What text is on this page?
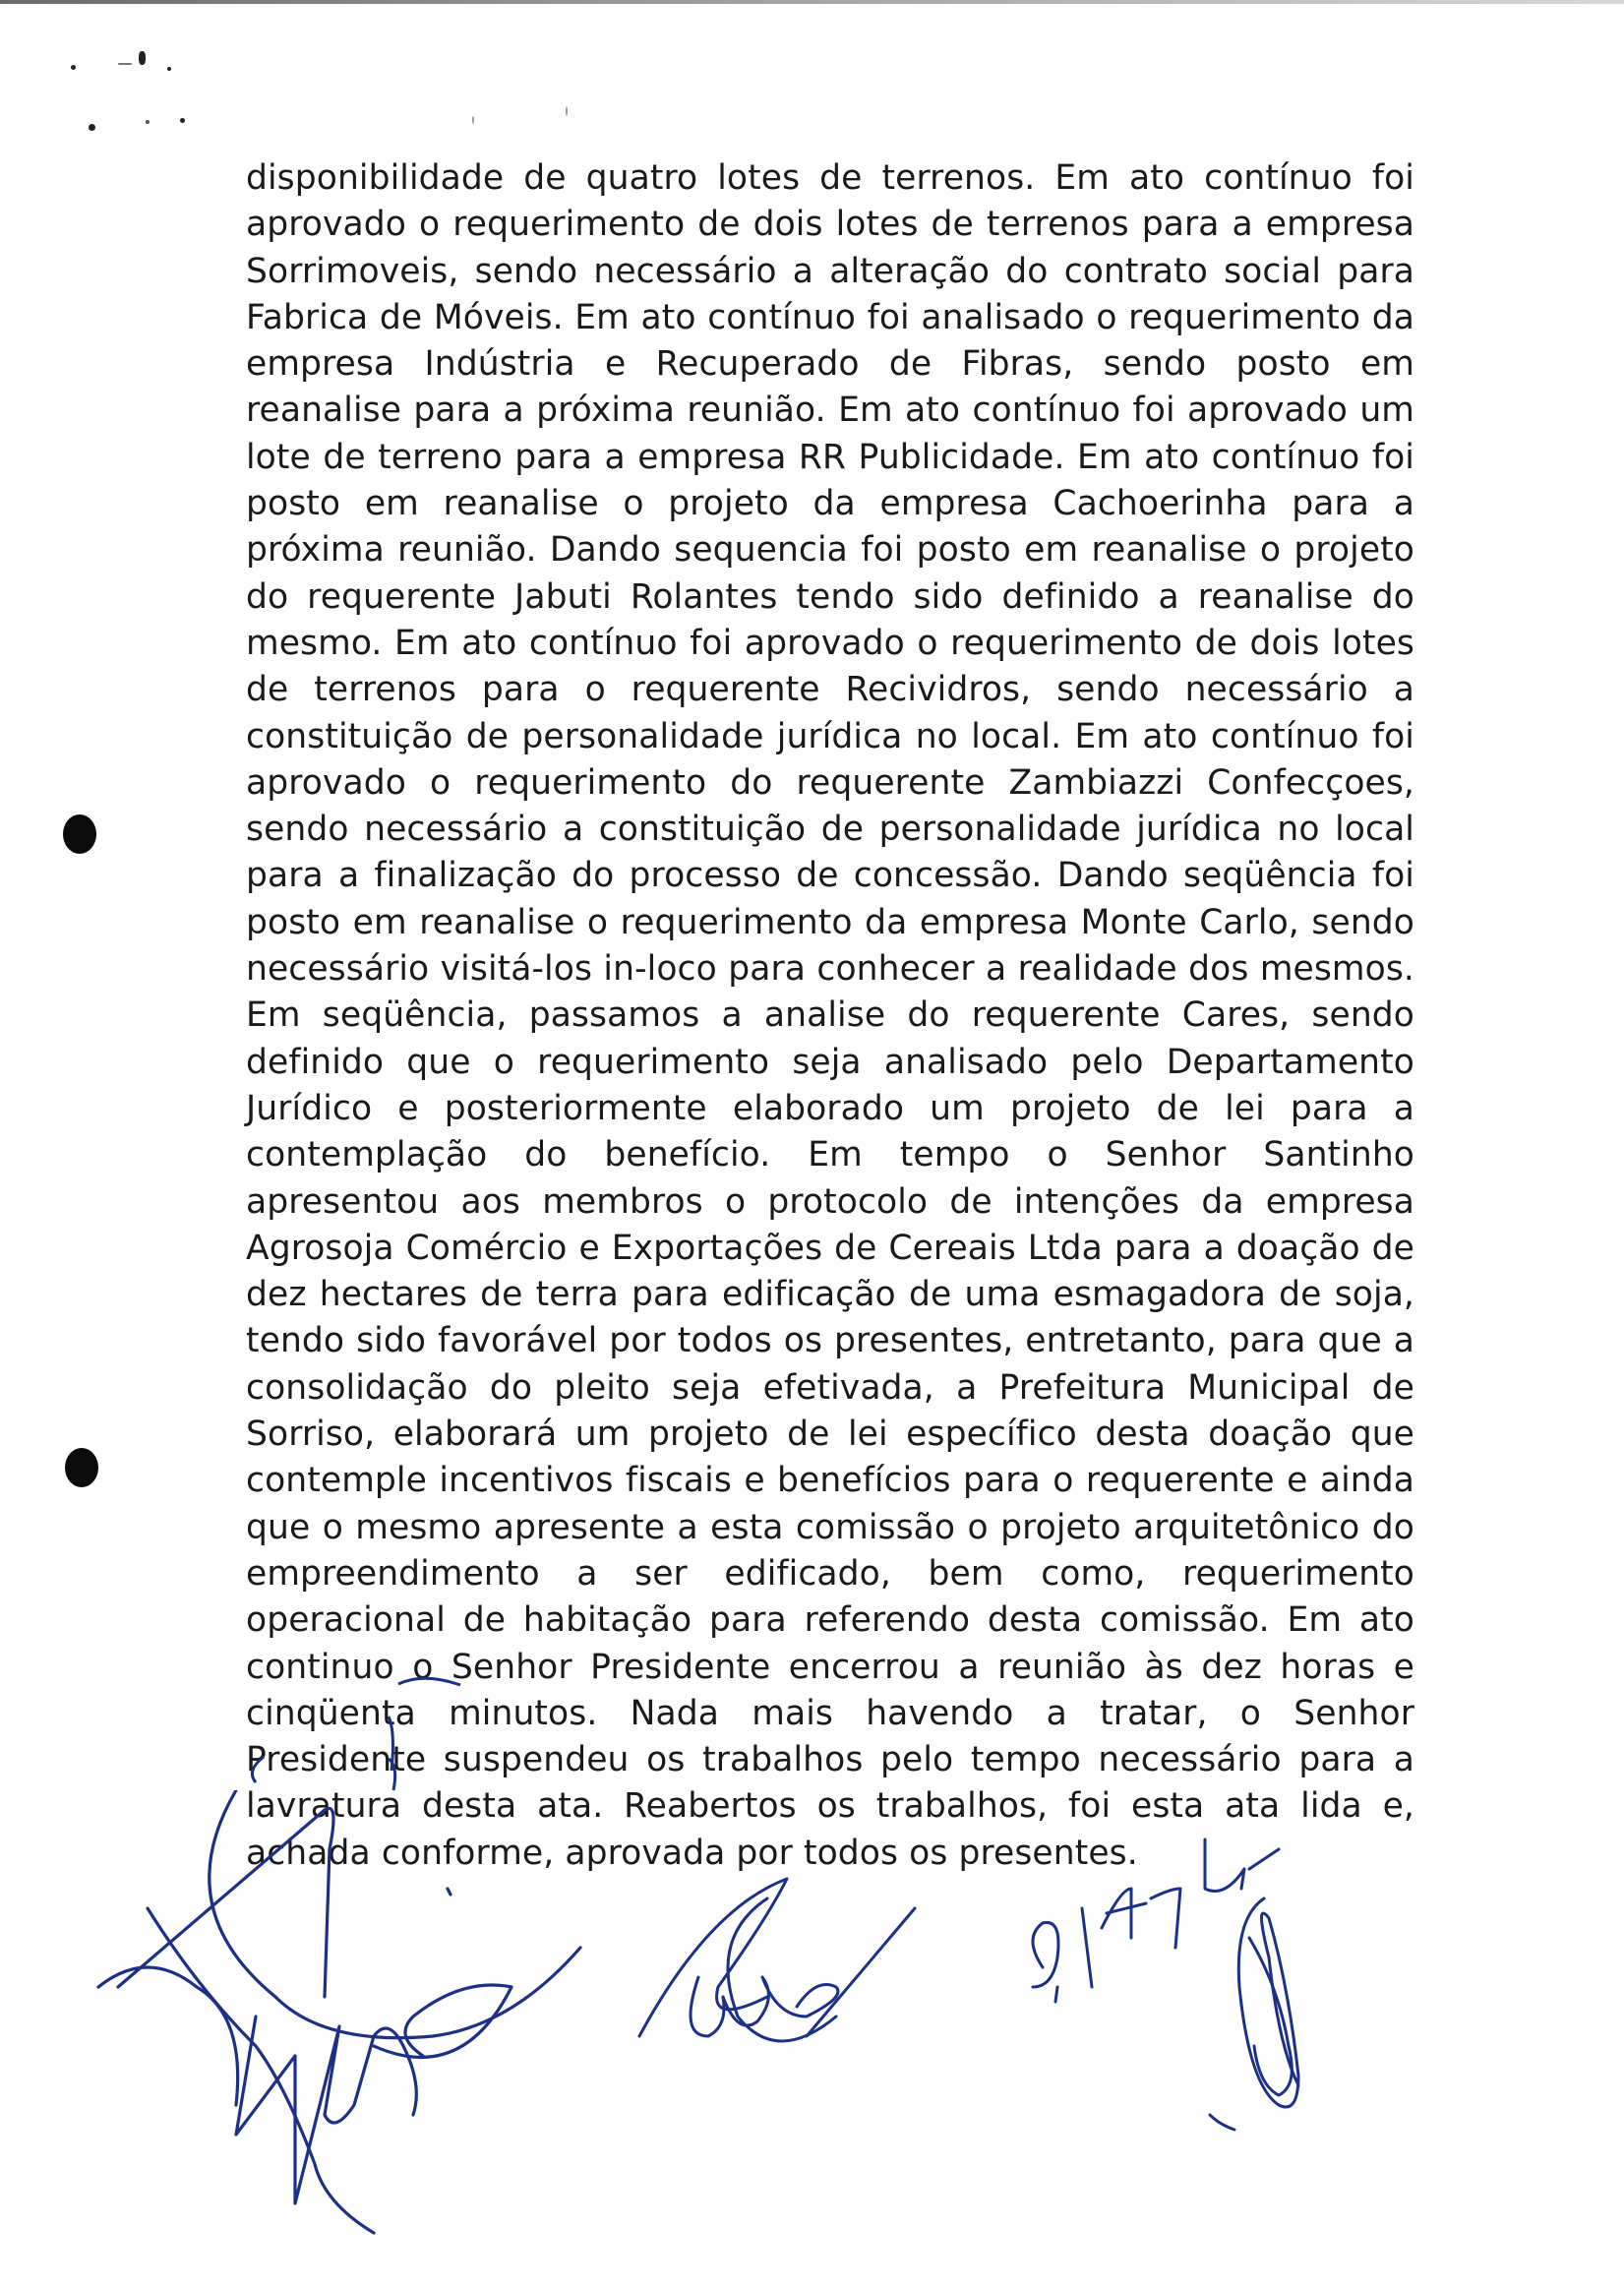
disponibilidade de quatro lotes de terrenos. Em ato contínuo foi aprovado o requerimento de dois lotes de terrenos para a empresa Sorrimoveis, sendo necessário a alteração do contrato social para Fabrica de Móveis. Em ato contínuo foi analisado o requerimento da empresa Indústria e Recuperado de Fibras, sendo posto em reanalise para a próxima reunião. Em ato contínuo foi aprovado um lote de terreno para a empresa RR Publicidade. Em ato contínuo foi posto em reanalise o projeto da empresa Cachoerinha para a próxima reunião. Dando sequencia foi posto em reanalise o projeto do requerente Jabuti Rolantes tendo sido definido a reanalise do mesmo. Em ato contínuo foi aprovado o requerimento de dois lotes de terrenos para o requerente Recividros, sendo necessário a constituição de personalidade jurídica no local. Em ato contínuo foi aprovado o requerimento do requerente Zambiazzi Confecçoes, sendo necessário a constituição de personalidade jurídica no local para a finalização do processo de concessão. Dando seqüência foi posto em reanalise o requerimento da empresa Monte Carlo, sendo necessário visitá-los in-loco para conhecer a realidade dos mesmos. Em seqüência, passamos a analise do requerente Cares, sendo definido que o requerimento seja analisado pelo Departamento Jurídico e posteriormente elaborado um projeto de lei para a contemplação do benefício. Em tempo o Senhor Santinho apresentou aos membros o protocolo de intenções da empresa Agrosoja Comércio e Exportações de Cereais Ltda para a doação de dez hectares de terra para edificação de uma esmagadora de soja, tendo sido favorável por todos os presentes, entretanto, para que a consolidação do pleito seja efetivada, a Prefeitura Municipal de Sorriso, elaborará um projeto de lei específico desta doação que contemple incentivos fiscais e benefícios para o requerente e ainda que o mesmo apresente a esta comissão o projeto arquitetônico do empreendimento a ser edificado, bem como, requerimento operacional de habitação para referendo desta comissão. Em ato continuo o Senhor Presidente encerrou a reunião às dez horas e cinqüenta minutos. Nada mais havendo a tratar, o Senhor Presidente suspendeu os trabalhos pelo tempo necessário para a lavratura desta ata. Reabertos os trabalhos, foi esta ata lida e, achada conforme, aprovada por todos os presentes.
